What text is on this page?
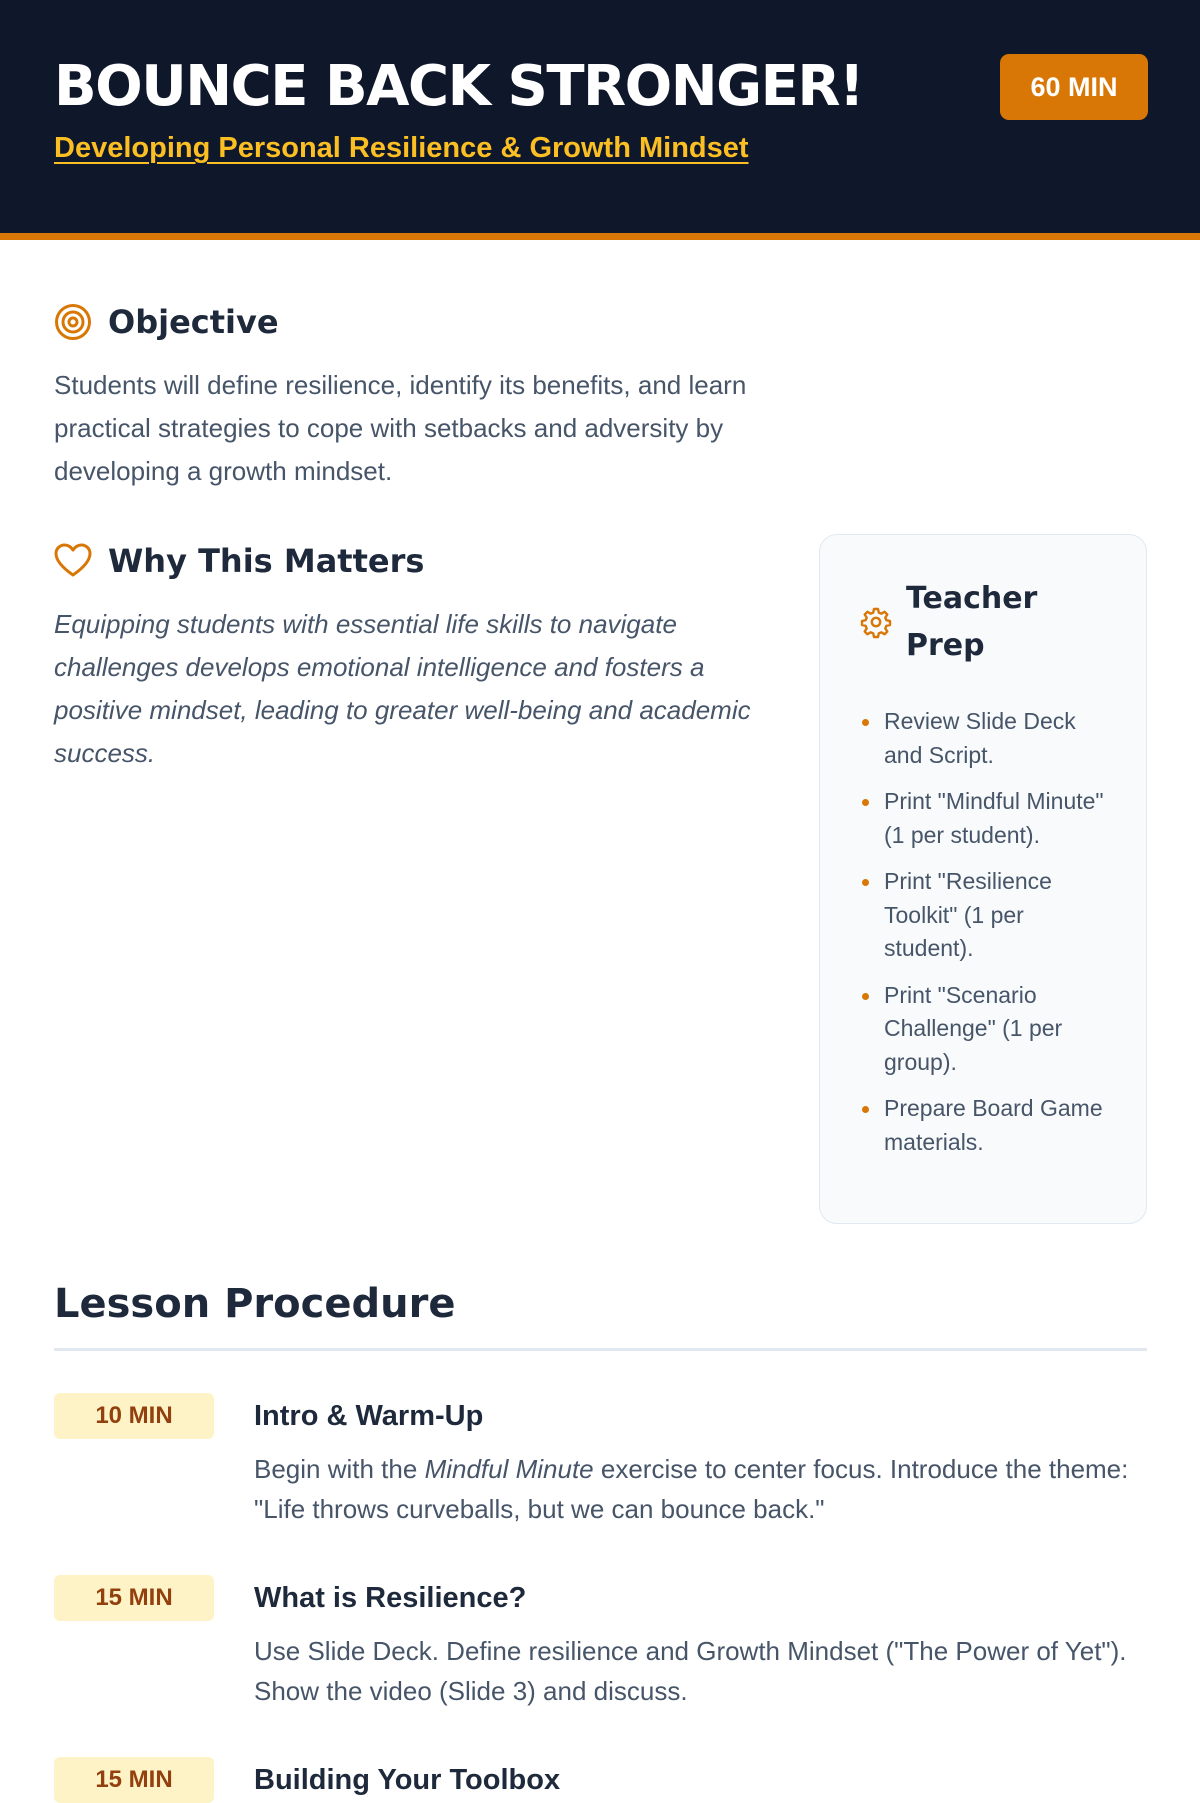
BOUNCE BACK STRONGER!
Developing Personal Resilience & Growth Mindset
60 MIN
Objective

Students will define resilience, identify its benefits, and learn practical strategies to cope with setbacks and adversity by developing a growth mindset.

Why This Matters

Equipping students with essential life skills to navigate challenges develops emotional intelligence and fosters a positive mindset, leading to greater well-being and academic success.

Teacher Prep
Review Slide Deck and Script.
Print "Mindful Minute" (1 per student).
Print "Resilience Toolkit" (1 per student).
Print "Scenario Challenge" (1 per group).
Prepare Board Game materials.
Lesson Procedure
10 MIN	Intro & Warm-Up

Begin with the Mindful Minute exercise to center focus. Introduce the theme: "Life throws curveballs, but we can bounce back."

15 MIN	What is Resilience?

Use Slide Deck. Define resilience and Growth Mindset ("The Power of Yet"). Show the video (Slide 3) and discuss.

15 MIN	Building Your Toolbox
